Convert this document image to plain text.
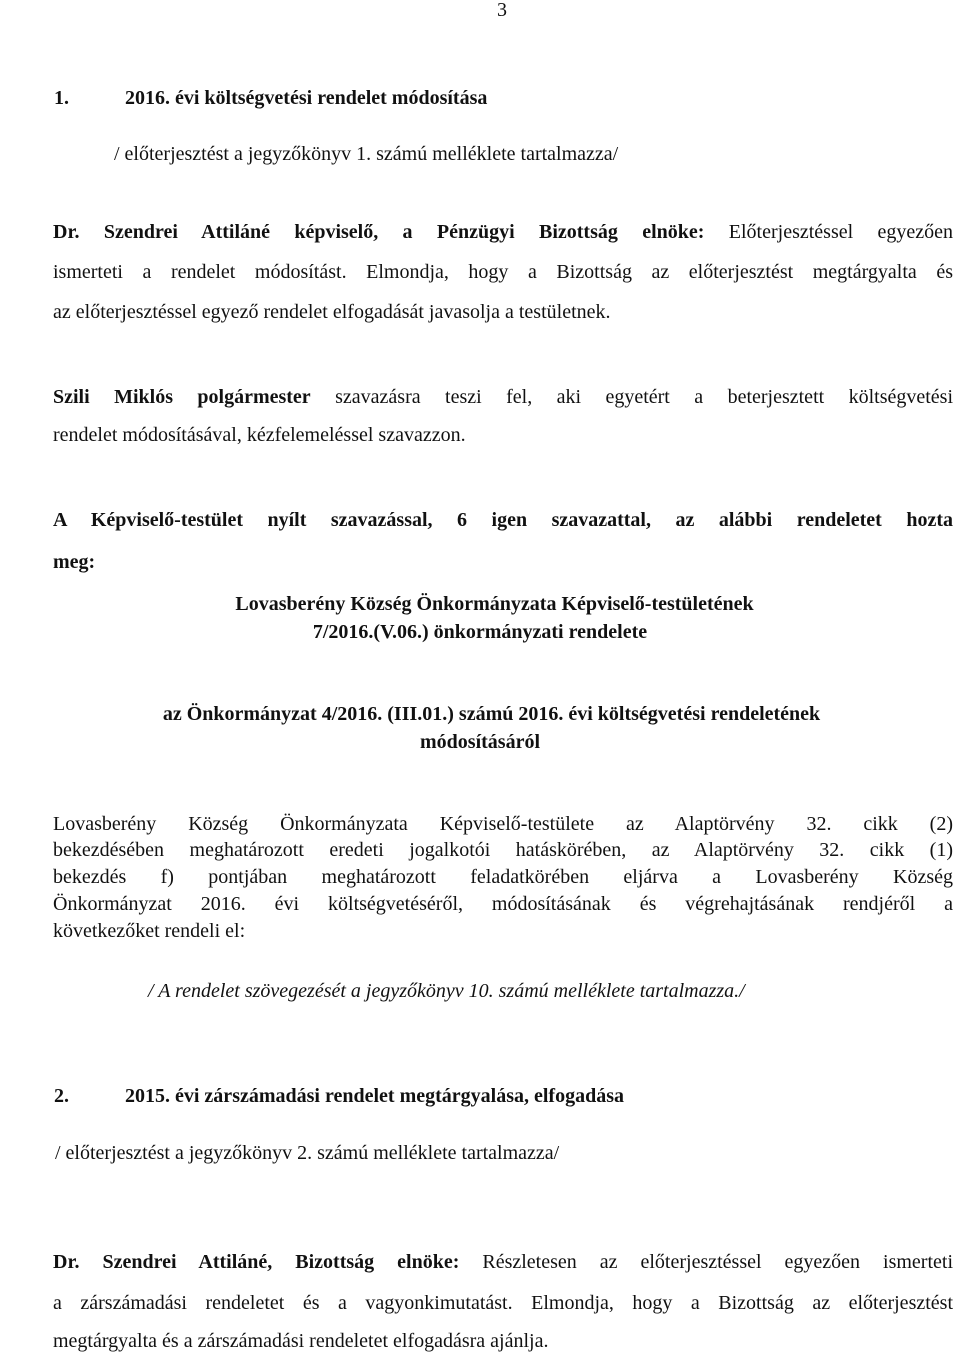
3
1.	2016. évi költségvetési rendelet módosítása
/ előterjesztést a jegyzőkönyv 1. számú melléklete tartalmazza/
Dr. Szendrei Attiláné képviselő, a Pénzügyi Bizottság elnöke: Előterjesztéssel egyezően
ismerteti a rendelet módosítást. Elmondja, hogy a Bizottság az előterjesztést megtárgyalta és
az előterjesztéssel egyező rendelet elfogadását javasolja a testületnek.
Szili Miklós polgármester szavazásra teszi fel, aki egyetért a beterjesztett költségvetési
rendelet módosításával, kézfelemeléssel szavazzon.
A Képviselő-testület nyílt szavazással, 6 igen szavazattal, az alábbi rendeletet hozta
meg:
Lovasberény Község Önkormányzata Képviselő-testületének
7/2016.(V.06.) önkormányzati rendelete
az Önkormányzat 4/2016. (III.01.) számú 2016. évi költségvetési rendeletének
módosításáról
Lovasberény Község Önkormányzata Képviselő-testülete az Alaptörvény 32. cikk (2)
bekezdésében meghatározott eredeti jogalkotói hatáskörében, az Alaptörvény 32. cikk (1)
bekezdés f) pontjában meghatározott feladatkörében eljárva a Lovasberény Község
Önkormányzat 2016. évi költségvetéséről, módosításának és végrehajtásának rendjéről a
következőket rendeli el:
/ A rendelet szövegezését a jegyzőkönyv 10. számú melléklete tartalmazza./
2.	2015. évi zárszámadási rendelet megtárgyalása, elfogadása
/ előterjesztést a jegyzőkönyv 2. számú melléklete tartalmazza/
Dr. Szendrei Attiláné, Bizottság elnöke: Részletesen az előterjesztéssel egyezően ismerteti
a zárszámadási rendeletet és a vagyonkimutatást. Elmondja, hogy a Bizottság az előterjesztést
megtárgyalta és a zárszámadási rendeletet elfogadásra ajánlja.
